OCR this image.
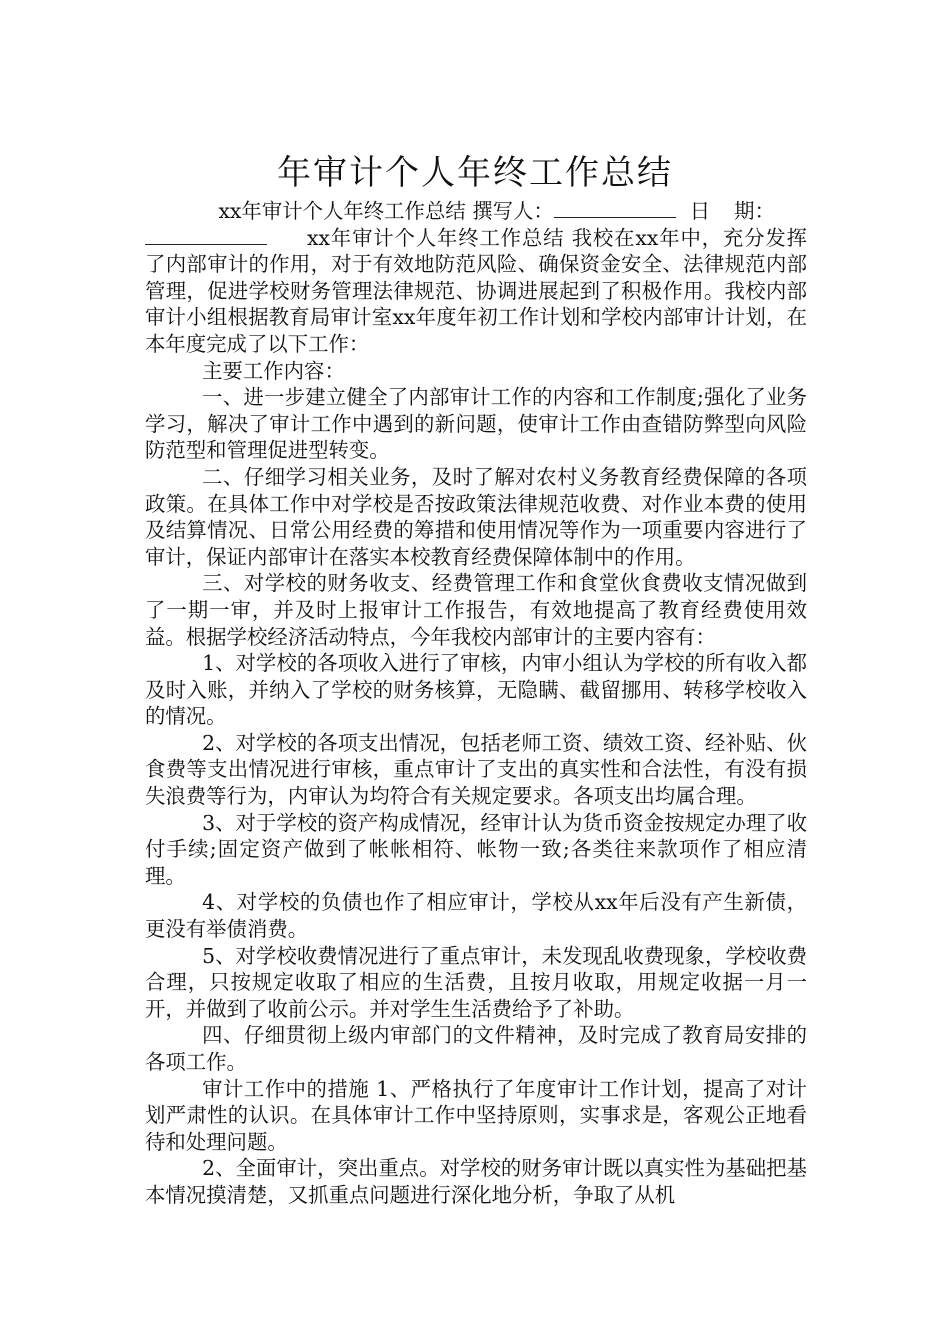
年审计个人年终工作总结

xx年审计个人年终工作总结 撰写人：	日期：

xx年审计个人年终工作总结 我校在xx年中，充分发挥了内部审计的作用，对于有效地防范风险、确保资金安全、法律规范内部管理，促进学校财务管理法律规范、协调进展起到了积极作用。我校内部审计小组根据教育局审计室xx年度年初工作计划和学校内部审计计划，在本年度完成了以下工作：

主要工作内容：

一、进一步建立健全了内部审计工作的内容和工作制度;强化了业务学习，解决了审计工作中遇到的新问题，使审计工作由查错防弊型向风险防范型和管理促进型转变。

二、仔细学习相关业务，及时了解对农村义务教育经费保障的各项政策。在具体工作中对学校是否按政策法律规范收费、对作业本费的使用及结算情况、日常公用经费的筹措和使用情况等作为一项重要内容进行了审计，保证内部审计在落实本校教育经费保障体制中的作用。

三、对学校的财务收支、经费管理工作和食堂伙食费收支情况做到了一期一审，并及时上报审计工作报告，有效地提高了教育经费使用效益。根据学校经济活动特点，今年我校内部审计的主要内容有：

1、对学校的各项收入进行了审核，内审小组认为学校的所有收入都及时入账，并纳入了学校的财务核算，无隐瞒、截留挪用、转移学校收入的情况。

2、对学校的各项支出情况，包括老师工资、绩效工资、经补贴、伙食费等支出情况进行审核，重点审计了支出的真实性和合法性，有没有损失浪费等行为，内审认为均符合有关规定要求。各项支出均属合理。

3、对于学校的资产构成情况，经审计认为货币资金按规定办理了收付手续;固定资产做到了帐帐相符、帐物一致;各类往来款项作了相应清理。

4、对学校的负债也作了相应审计，学校从xx年后没有产生新债，更没有举债消费。

5、对学校收费情况进行了重点审计，未发现乱收费现象，学校收费合理，只按规定收取了相应的生活费，且按月收取，用规定收据一月一开，并做到了收前公示。并对学生生活费给予了补助。

四、仔细贯彻上级内审部门的文件精神，及时完成了教育局安排的各项工作。

审计工作中的措施 1、严格执行了年度审计工作计划，提高了对计划严肃性的认识。在具体审计工作中坚持原则，实事求是，客观公正地看待和处理问题。

2、全面审计，突出重点。对学校的财务审计既以真实性为基础把基本情况摸清楚，又抓重点问题进行深化地分析，争取了从机
